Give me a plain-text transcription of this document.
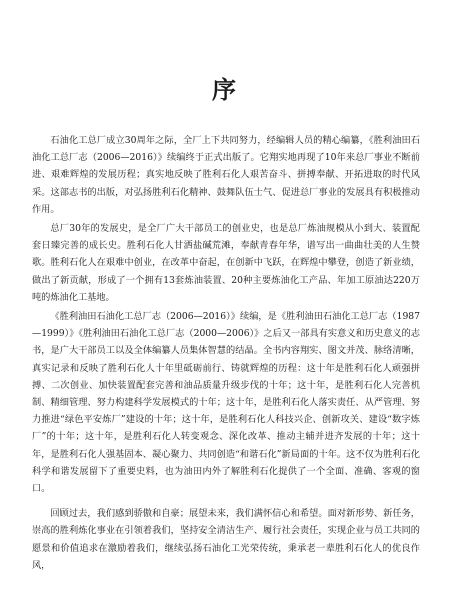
序

石油化工总厂成立30周年之际，全厂上下共同努力，经编辑人员的精心编纂，《胜利油田石油化工总厂志（2006—2016）》续编终于正式出版了。它翔实地再现了10年来总厂事业不断前进、艰难辉煌的发展历程；真实地反映了胜利石化人艰苦奋斗、拼搏奉献、开拓进取的时代风采。这部志书的出版，对弘扬胜利石化精神、鼓舞队伍士气、促进总厂事业的发展具有积极推动作用。

总厂30年的发展史，是全厂广大干部员工的创业史，也是总厂炼油规模从小到大、装置配套日臻完善的成长史。胜利石化人甘洒盐碱荒滩，奉献青春年华，谱写出一曲曲壮美的人生赞歌。胜利石化人在艰难中创业，在改革中奋起，在创新中飞跃，在辉煌中攀登，创造了新业绩，做出了新贡献，形成了一个拥有13套炼油装置、20种主要炼油化工产品、年加工原油达220万吨的炼油化工基地。

《胜利油田石油化工总厂志（2006—2016）》续编，是《胜利油田石油化工总厂志（1987—1999）》《胜利油田石油化工总厂志（2000—2006）》之后又一部具有实意义和历史意义的志书，是广大干部员工以及全体编纂人员集体智慧的结晶。全书内容翔实、图文并茂、脉络清晰，真实记录和反映了胜利石化人十年里砥砺前行、铸就辉煌的历程：这十年是胜利石化人顽强拼搏、二次创业、加快装置配套完善和油品质量升级步伐的十年；这十年，是胜利石化人完善机制、精细管理、努力构建科学发展模式的十年；这十年，是胜利石化人落实责任、从严管理、努力推进“绿色平安炼厂”建设的十年；这十年，是胜利石化人科技兴企、创新攻关、建设“数字炼厂”的十年；这十年，是胜利石化人转变观念、深化改革、推动主辅并进齐发展的十年；这十年，是胜利石化人强基固本、凝心聚力、共同创造“和谐石化”新局面的十年。这不仅为胜利石化科学和谐发展留下了重要史料，也为油田内外了解胜利石化提供了一个全面、准确、客观的窗口。

回顾过去，我们感到骄傲和自豪；展望未来，我们满怀信心和希望。面对新形势、新任务，崇高的胜利炼化事业在引领着我们，坚持安全清洁生产、履行社会责任，实现企业与员工共同的愿景和价值追求在激励着我们，继续弘扬石油化工光荣传统，秉承老一辈胜利石化人的优良作风，
